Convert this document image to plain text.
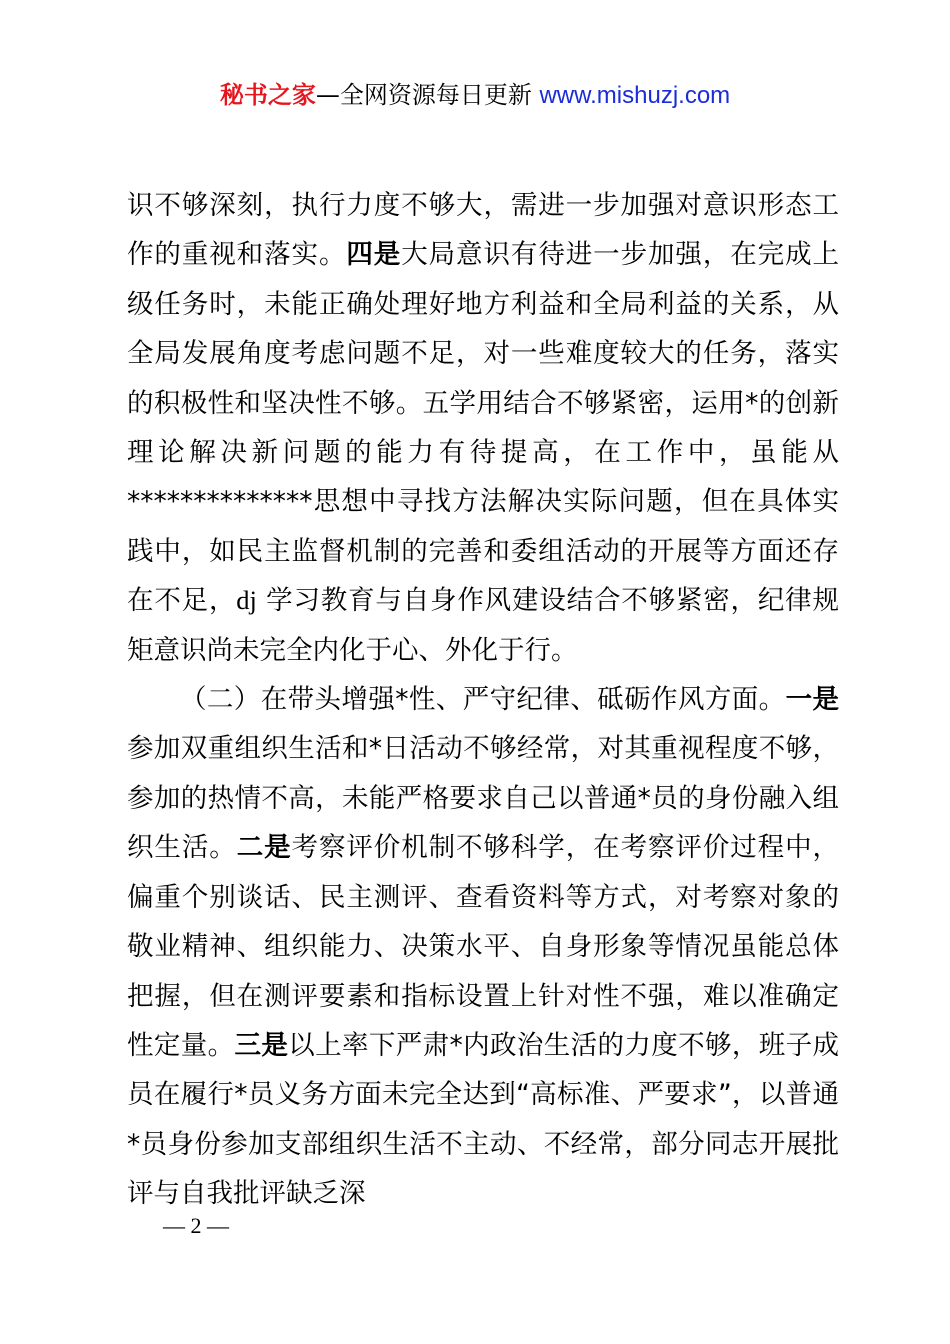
秘书之家—全网资源每日更新 www.mishuzj.com

识不够深刻，执行力度不够大，需进一步加强对意识形态工作的重视和落实。四是大局意识有待进一步加强，在完成上级任务时，未能正确处理好地方利益和全局利益的关系，从全局发展角度考虑问题不足，对一些难度较大的任务，落实的积极性和坚决性不够。五学用结合不够紧密，运用*的创新理论解决新问题的能力有待提高，在工作中，虽能从**************思想中寻找方法解决实际问题，但在具体实践中，如民主监督机制的完善和委组活动的开展等方面还存在不足，dj 学习教育与自身作风建设结合不够紧密，纪律规矩意识尚未完全内化于心、外化于行。

（二）在带头增强*性、严守纪律、砥砺作风方面。一是参加双重组织生活和*日活动不够经常，对其重视程度不够，参加的热情不高，未能严格要求自己以普通*员的身份融入组织生活。二是考察评价机制不够科学，在考察评价过程中，偏重个别谈话、民主测评、查看资料等方式，对考察对象的敬业精神、组织能力、决策水平、自身形象等情况虽能总体把握，但在测评要素和指标设置上针对性不强，难以准确定性定量。三是以上率下严肃*内政治生活的力度不够，班子成员在履行*员义务方面未完全达到“高标准、严要求”，以普通*员身份参加支部组织生活不主动、不经常，部分同志开展批评与自我批评缺乏深

— 2 —
